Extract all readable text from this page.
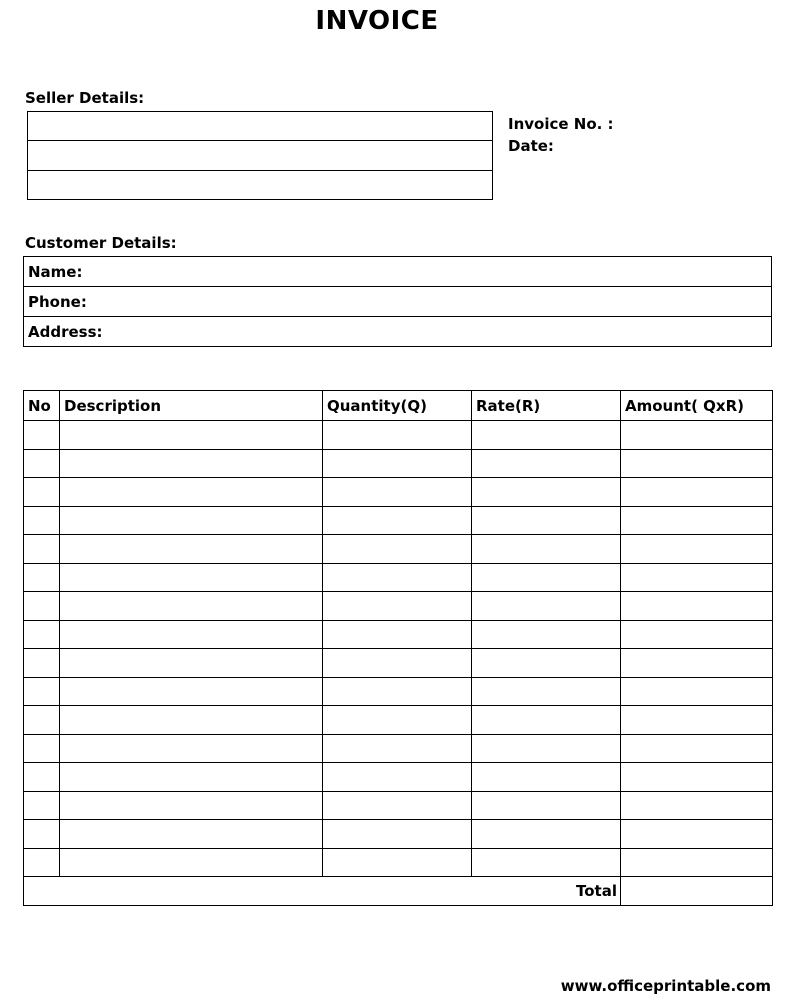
INVOICE
Seller Details:
Invoice No. :
Date:
Customer Details:
Name:
Phone:
Address:
No	Description	Quantity(Q)	Rate(R)	Amount( QxR)

Total				
www.officeprintable.com
